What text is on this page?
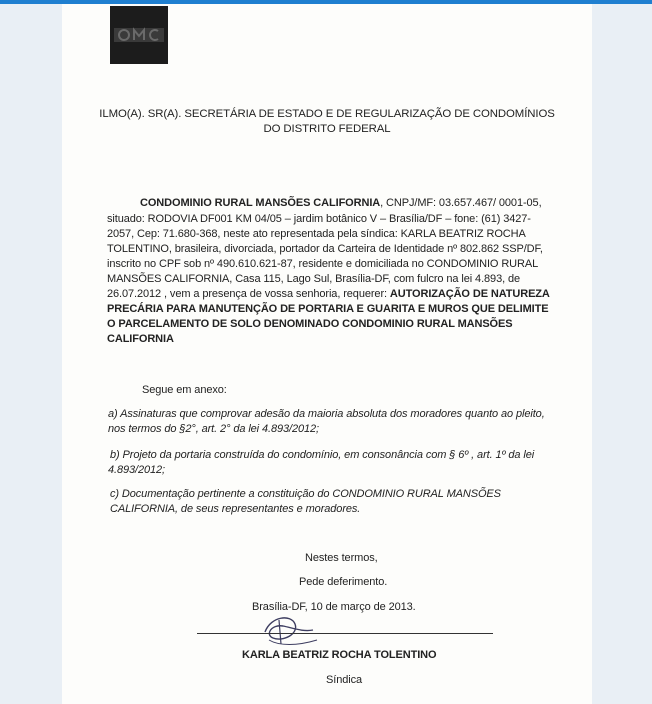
ILMO(A). SR(A). SECRETÁRIA DE ESTADO E DE REGULARIZAÇÃO DE CONDOMÍNIOS
DO DISTRITO FEDERAL
CONDOMINIO RURAL MANSÕES CALIFORNIA, CNPJ/MF: 03.657.467/ 0001-05,
situado: RODOVIA DF001 KM 04/05 – jardim botânico V – Brasília/DF – fone: (61) 3427-
2057, Cep: 71.680-368, neste ato representada pela síndica: KARLA BEATRIZ ROCHA
TOLENTINO, brasileira, divorciada, portador da Carteira de Identidade nº 802.862 SSP/DF,
inscrito no CPF sob nº 490.610.621-87, residente e domiciliada no CONDOMINIO RURAL
MANSÕES CALIFORNIA, Casa 115, Lago Sul, Brasília-DF, com fulcro na lei 4.893, de
26.07.2012 , vem a presença de vossa senhoria, requerer: AUTORIZAÇÃO DE NATUREZA
PRECÁRIA PARA MANUTENÇÃO DE PORTARIA E GUARITA E MUROS QUE DELIMITE
O PARCELAMENTO DE SOLO DENOMINADO CONDOMINIO RURAL MANSÕES
CALIFORNIA
Segue em anexo:
a) Assinaturas que comprovar adesão da maioria absoluta dos moradores quanto ao pleito,
nos termos do §2°, art. 2° da lei 4.893/2012;
b) Projeto da portaria construída do condomínio, em consonância com § 6º , art. 1º da lei
4.893/2012;
c) Documentação pertinente a constituição do CONDOMINIO RURAL MANSÕES
CALIFORNIA, de seus representantes e moradores.
Nestes termos,
Pede deferimento.
Brasília-DF, 10 de março de 2013.
KARLA BEATRIZ ROCHA TOLENTINO
Síndica
